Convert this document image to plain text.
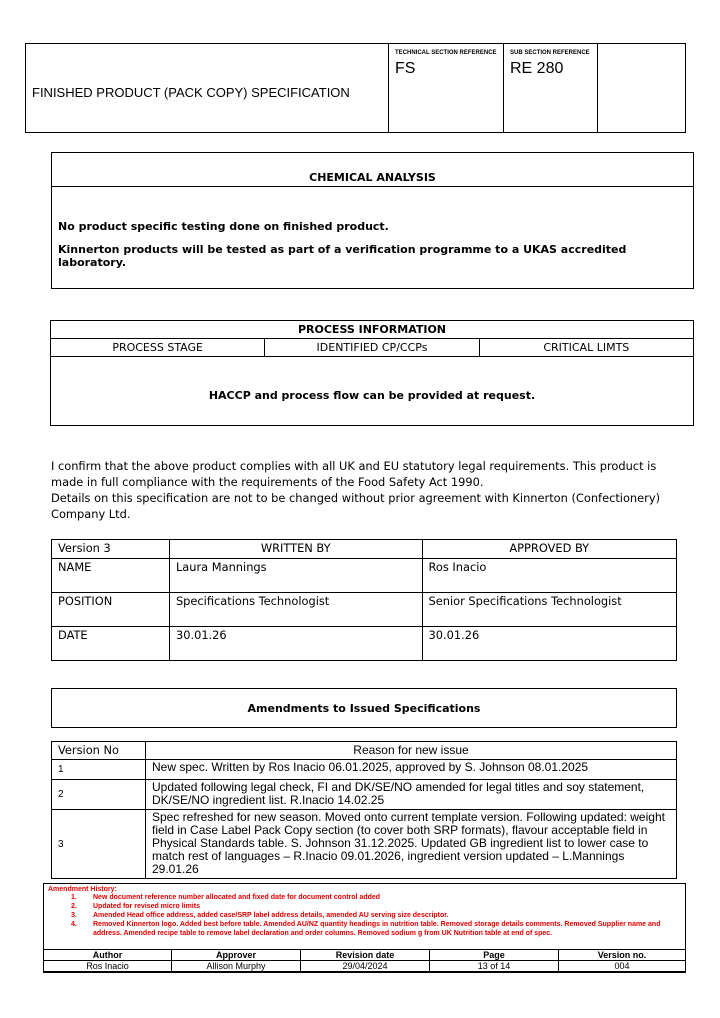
FINISHED PRODUCT (PACK COPY) SPECIFICATION	
TECHNICAL SECTION REFERENCE
FS

SUB SECTION REFERENCE
RE 280

CHEMICAL ANALYSIS
No product specific testing done on finished product.
Kinnerton products will be tested as part of a verification programme to a UKAS accredited laboratory.
PROCESS INFORMATION
PROCESS STAGE	IDENTIFIED CP/CCPs	CRITICAL LIMTS
HACCP and process flow can be provided at request.

I confirm that the above product complies with all UK and EU statutory legal requirements. This product is made in full compliance with the requirements of the Food Safety Act 1990.

Details on this specification are not to be changed without prior agreement with Kinnerton (Confectionery) Company Ltd.

Version 3	WRITTEN BY	APPROVED BY
NAME	Laura Mannings	Ros Inacio
POSITION	Specifications Technologist	Senior Specifications Technologist
DATE	30.01.26	30.01.26
Amendments to Issued Specifications
Version No	Reason for new issue
1	New spec. Written by Ros Inacio 06.01.2025, approved by S. Johnson 08.01.2025
2	Updated following legal check, FI and DK/SE/NO amended for legal titles and soy statement, DK/SE/NO ingredient list. R.Inacio 14.02.25
3	Spec refreshed for new season. Moved onto current template version. Following updated: weight field in Case Label Pack Copy section (to cover both SRP formats), flavour acceptable field in Physical Standards table. S. Johnson 31.12.2025. Updated GB ingredient list to lower case to match rest of languages – R.Inacio 09.01.2026, ingredient version updated – L.Mannings 29.01.26
Amendment History:
1. New document reference number allocated and fixed date for document control added
2. Updated for revised micro limits
3. Amended Head office address, added case/SRP label address details, amended AU serving size descriptor.
4. Removed Kinnerton logo. Added best before table. Amended AU/NZ quantity headings in nutrition table. Removed storage details comments. Removed Supplier name and address. Amended recipe table to remove label declaration and order columns. Removed sodium g from UK Nutrition table at end of spec.
Author	Approver	Revision date	Page	Version no.
Ros Inacio	Allison Murphy	29/04/2024	13 of 14	004
